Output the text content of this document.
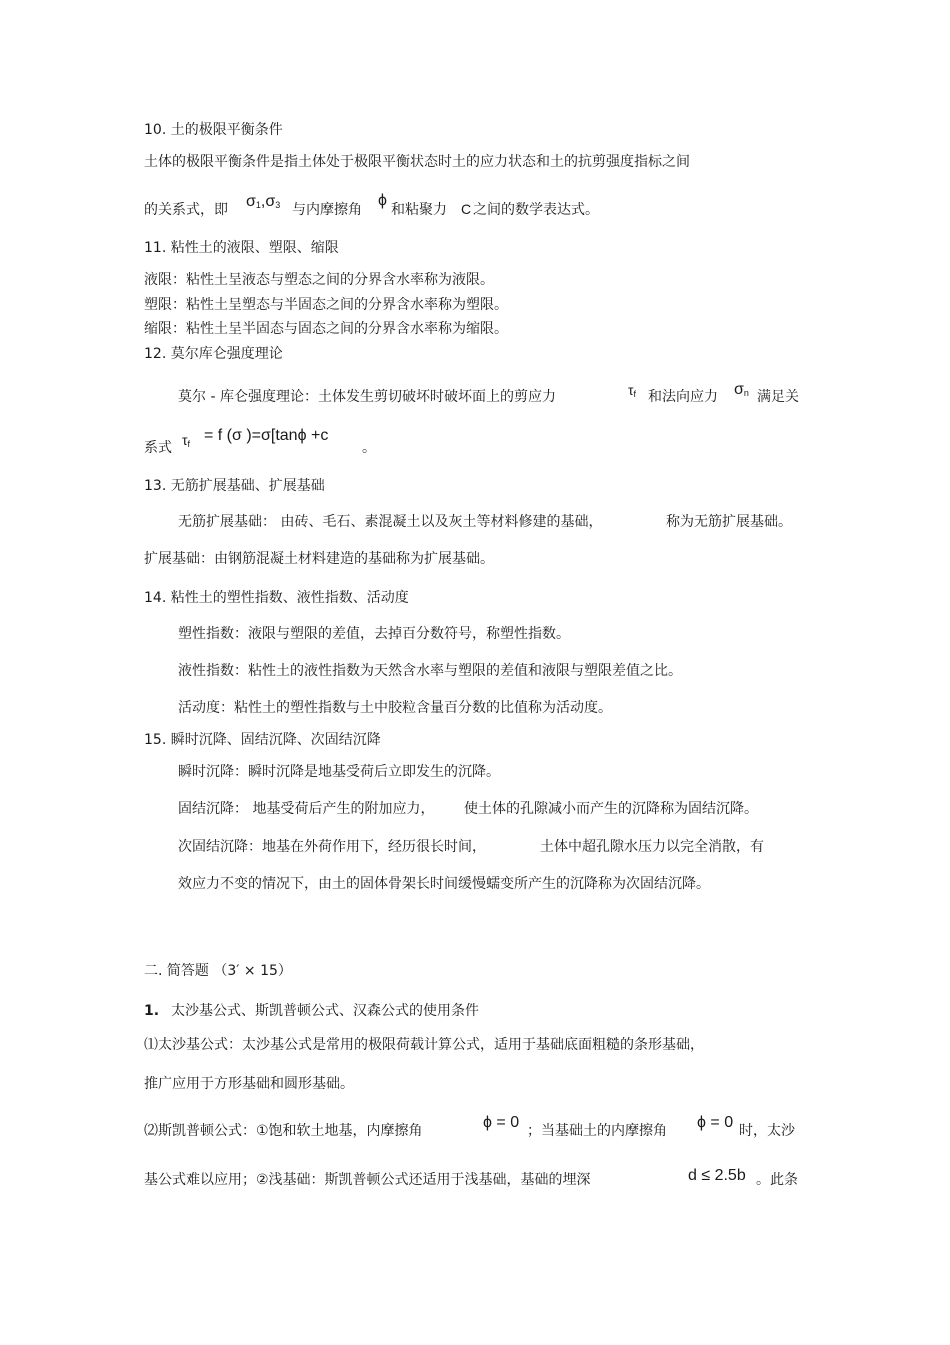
10. 土的极限平衡条件
土体的极限平衡条件是指土体处于极限平衡状态时土的应力状态和土的抗剪强度指标之间
的关系式，即 $\sigma_1,\sigma_3$ 与内摩擦角
ϕ
和粘聚力 C 之间的数学表达式。
11. 粘性土的液限、塑限、缩限
液限：粘性土呈液态与塑态之间的分界含水率称为液限。
塑限：粘性土呈塑态与半固态之间的分界含水率称为塑限。
缩限：粘性土呈半固态与固态之间的分界含水率称为缩限。
12. 莫尔库仑强度理论
莫尔 - 库仑强度理论：土体发生剪切破坏时破坏面上的剪应力	$\tau_f$ 和法向应力 $\sigma_n$ 满足关
系式 $\tau_f = f$ (σ )=σ[tanϕ +c
。
13. 无筋扩展基础、扩展基础
无筋扩展基础： 由砖、毛石、素混凝土以及灰土等材料修建的基础，	称为无筋扩展基础。
扩展基础：由钢筋混凝土材料建造的基础称为扩展基础。
14. 粘性土的塑性指数、液性指数、活动度
塑性指数：液限与塑限的差值，去掉百分数符号，称塑性指数。
液性指数：粘性土的液性指数为天然含水率与塑限的差值和液限与塑限差值之比。
活动度：粘性土的塑性指数与土中胶粒含量百分数的比值称为活动度。
15. 瞬时沉降、固结沉降、次固结沉降
瞬时沉降：瞬时沉降是地基受荷后立即发生的沉降。
固结沉降： 地基受荷后产生的附加应力， 使土体的孔隙减小而产生的沉降称为固结沉降。
次固结沉降：地基在外荷作用下，经历很长时间，	土体中超孔隙水压力以完全消散，有
效应力不变的情况下，由土的固体骨架长时间缓慢蠕变所产生的沉降称为次固结沉降。
二. 简答题 （3′ × 15）
1. 太沙基公式、斯凯普顿公式、汉森公式的使用条件
⑴太沙基公式：太沙基公式是常用的极限荷载计算公式，适用于基础底面粗糙的条形基础，
推广应用于方形基础和圆形基础。
⑵斯凯普顿公式：①饱和软土地基，内摩擦角	ϕ = 0 ；当基础土的内摩擦角 ϕ = 0 时，太沙
基公式难以应用；②浅基础：斯凯普顿公式还适用于浅基础，基础的埋深	d ≤ 2.5b 。此条
